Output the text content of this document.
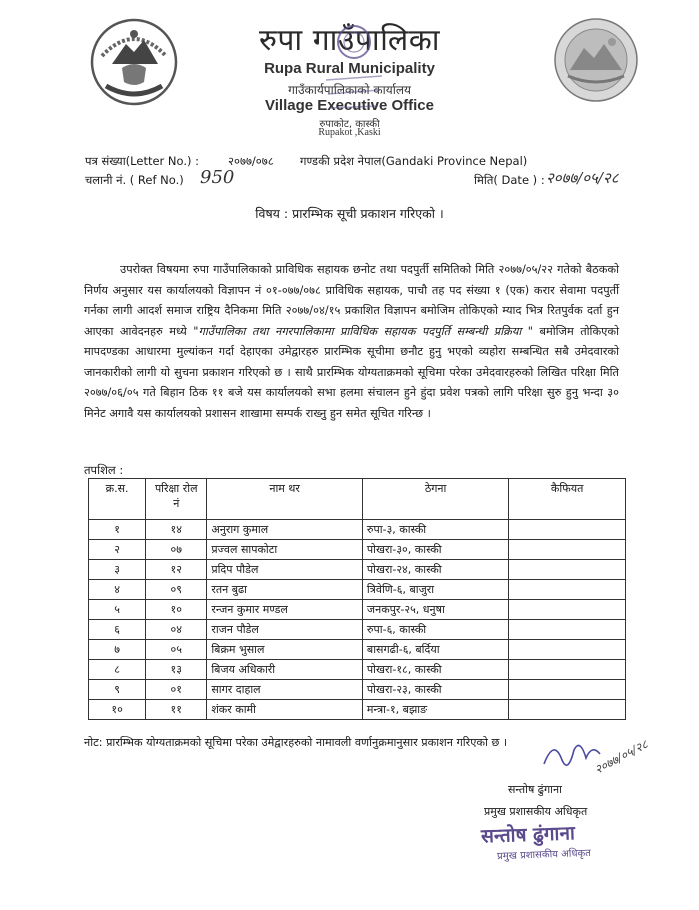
रुपा गाउँपालिका
Rupa Rural Municipality
गाउँकार्यपालिकाको कार्यालय
Village Executive Office
रुपाकोट, कास्की
Rupakot ,Kaski
पत्र संख्या(Letter No.) :	२०७७/०७८ गण्डकी प्रदेश नेपाल(Gandaki Province Nepal)
चलानी नं. ( Ref No.) 950	मिति( Date ) : २०७७/०५/२८
विषय : प्रारम्भिक सूची प्रकाशन गरिएको ।
उपरोक्त विषयमा रुपा गाउँपालिकाको प्राविधिक सहायक छनोट तथा पदपुर्ती समितिको मिति २०७७/०५/२२ गतेको बैठकको निर्णय अनुसार यस कार्यालयको विज्ञापन नं ०१-०७७/०७८ प्राविधिक सहायक, पाचौ तह पद संख्या १ (एक) करार सेवामा पदपुर्ती गर्नका लागी आदर्श समाज राष्ट्रिय दैनिकमा मिति २०७७/०४/१५ प्रकाशित विज्ञापन बमोजिम तोकिएको म्याद भित्र रितपुर्वक दर्ता हुन आएका आवेदनहरु मध्ये "गाउँपालिका तथा नगरपालिकामा प्राविधिक सहायक पदपुर्ति सम्बन्धी प्रक्रिया " बमोजिम तोकिएको मापदण्डका आधारमा मुल्यांकन गर्दा देहाएका उमेद्वारहरु प्रारम्भिक सूचीमा छनौट हुनु भएको व्यहोरा सम्बन्धित सबै उमेदवारको जानकारीको लागी यो सुचना प्रकाशन गरिएको छ । साथै प्रारम्भिक योग्यताक्रमको सूचिमा परेका उमेदवारहरुको लिखित परिक्षा मिति २०७७/०६/०५ गते बिहान ठिक ११ बजे यस कार्यालयको सभा हलमा संचालन हुने हुंदा प्रवेश पत्रको लागि परिक्षा सुरु हुनु भन्दा ३० मिनेट अगावै यस कार्यालयको प्रशासन शाखामा सम्पर्क राख्नु हुन समेत सूचित गरिन्छ ।
तपशिल :
क्र.स.	परिक्षा रोल नं	नाम थर	ठेगना	कैफियत
१	१४	अनुराग कुमाल	रुपा-३, कास्की	
२	०७	प्रज्वल सापकोटा	पोखरा-३०, कास्की	
३	१२	प्रदिप पौडेल	पोखरा-२४, कास्की	
४	०९	रतन बुढा	त्रिवेणि-६, बाजुरा	
५	१०	रन्जन कुमार मण्डल	जनकपुर-२५, धनुषा	
६	०४	राजन पौडेल	रुपा-६, कास्की	
७	०५	बिक्रम भुसाल	बासगढी-६, बर्दिया	
८	१३	बिजय अधिकारी	पोखरा-१८, कास्की	
९	०१	सागर दाहाल	पोखरा-२३, कास्की	
१०	११	शंकर कामी	मन्त्रा-१, बझाङ	
नोट: प्रारम्भिक योग्यताक्रमको सूचिमा परेका उमेद्वारहरुको नामावली वर्णानुक्रमानुसार प्रकाशन गरिएको छ ।	२०७७/०५/२८
सन्तोष ढुंगाना
प्रमुख प्रशासकीय अधिकृत
सन्तोष ढुंगाना
प्रमुख प्रशासकीय अधिकृत
